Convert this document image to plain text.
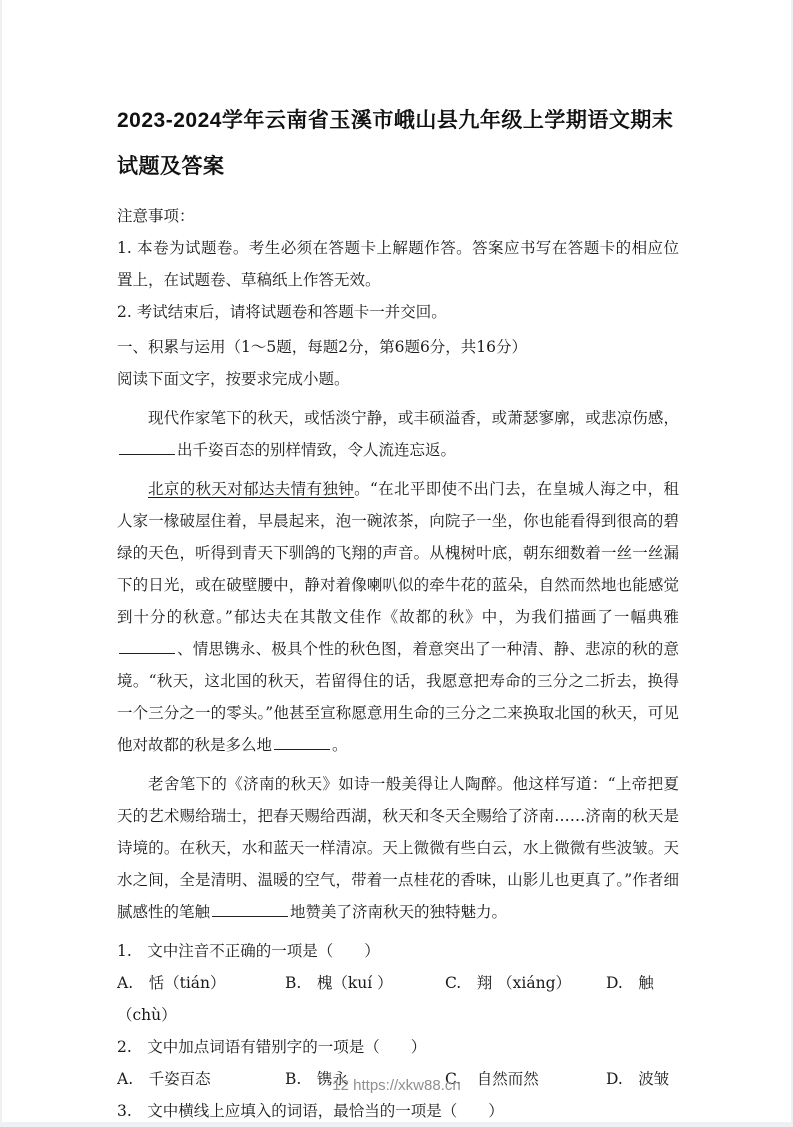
2023-2024学年云南省玉溪市峨山县九年级上学期语文期末
试题及答案

注意事项：

1. 本卷为试题卷。考生必须在答题卡上解题作答。答案应书写在答题卡的相应位置上，在试题卷、草稿纸上作答无效。

2. 考试结束后，请将试题卷和答题卡一并交回。

一、积累与运用（1～5题，每题2分，第6题6分，共16分）

阅读下面文字，按要求完成小题。

现代作家笔下的秋天，或恬淡宁静，或丰硕溢香，或萧瑟寥廓，或悲凉伤感，出千姿百态的别样情致，令人流连忘返。

北京的秋天对郁达夫情有独钟。“在北平即使不出门去，在皇城人海之中，租人家一椽破屋住着，早晨起来，泡一碗浓茶，向院子一坐，你也能看得到很高的碧绿的天色，听得到青天下驯鸽的飞翔的声音。从槐树叶底，朝东细数着一丝一丝漏下的日光，或在破壁腰中，静对着像喇叭似的牵牛花的蓝朵，自然而然地也能感觉到十分的秋意。”郁达夫在其散文佳作《故都的秋》中，为我们描画了一幅典雅、情思镌永、极具个性的秋色图，着意突出了一种清、静、悲凉的秋的意境。“秋天，这北国的秋天，若留得住的话，我愿意把寿命的三分之二折去，换得一个三分之一的零头。”他甚至宣称愿意用生命的三分之二来换取北国的秋天，可见他对故都的秋是多么地	。

老舍笔下的《济南的秋天》如诗一般美得让人陶醉。他这样写道：“上帝把夏天的艺术赐给瑞士，把春天赐给西湖，秋天和冬天全赐给了济南……济南的秋天是诗境的。在秋天，水和蓝天一样清凉。天上微微有些白云，水上微微有些波皱。天水之间，全是清明、温暖的空气，带着一点桂花的香味，山影儿也更真了。”作者细腻感性的笔触	地赞美了济南秋天的独特魅力。

1.　文中注音不正确的一项是（　　）

A.　恬（tián）	B.　槐（kuí ）	C.　翔 （xiáng）	D.　触

（chù）

2.　文中加点词语有错别字的一项是（　　）

A.　千姿百态	B.　镌永	C.　自然而然	D.　波皱

3.　文中横线上应填入的词语，最恰当的一项是（　　）

12 https://xkw88.cn
